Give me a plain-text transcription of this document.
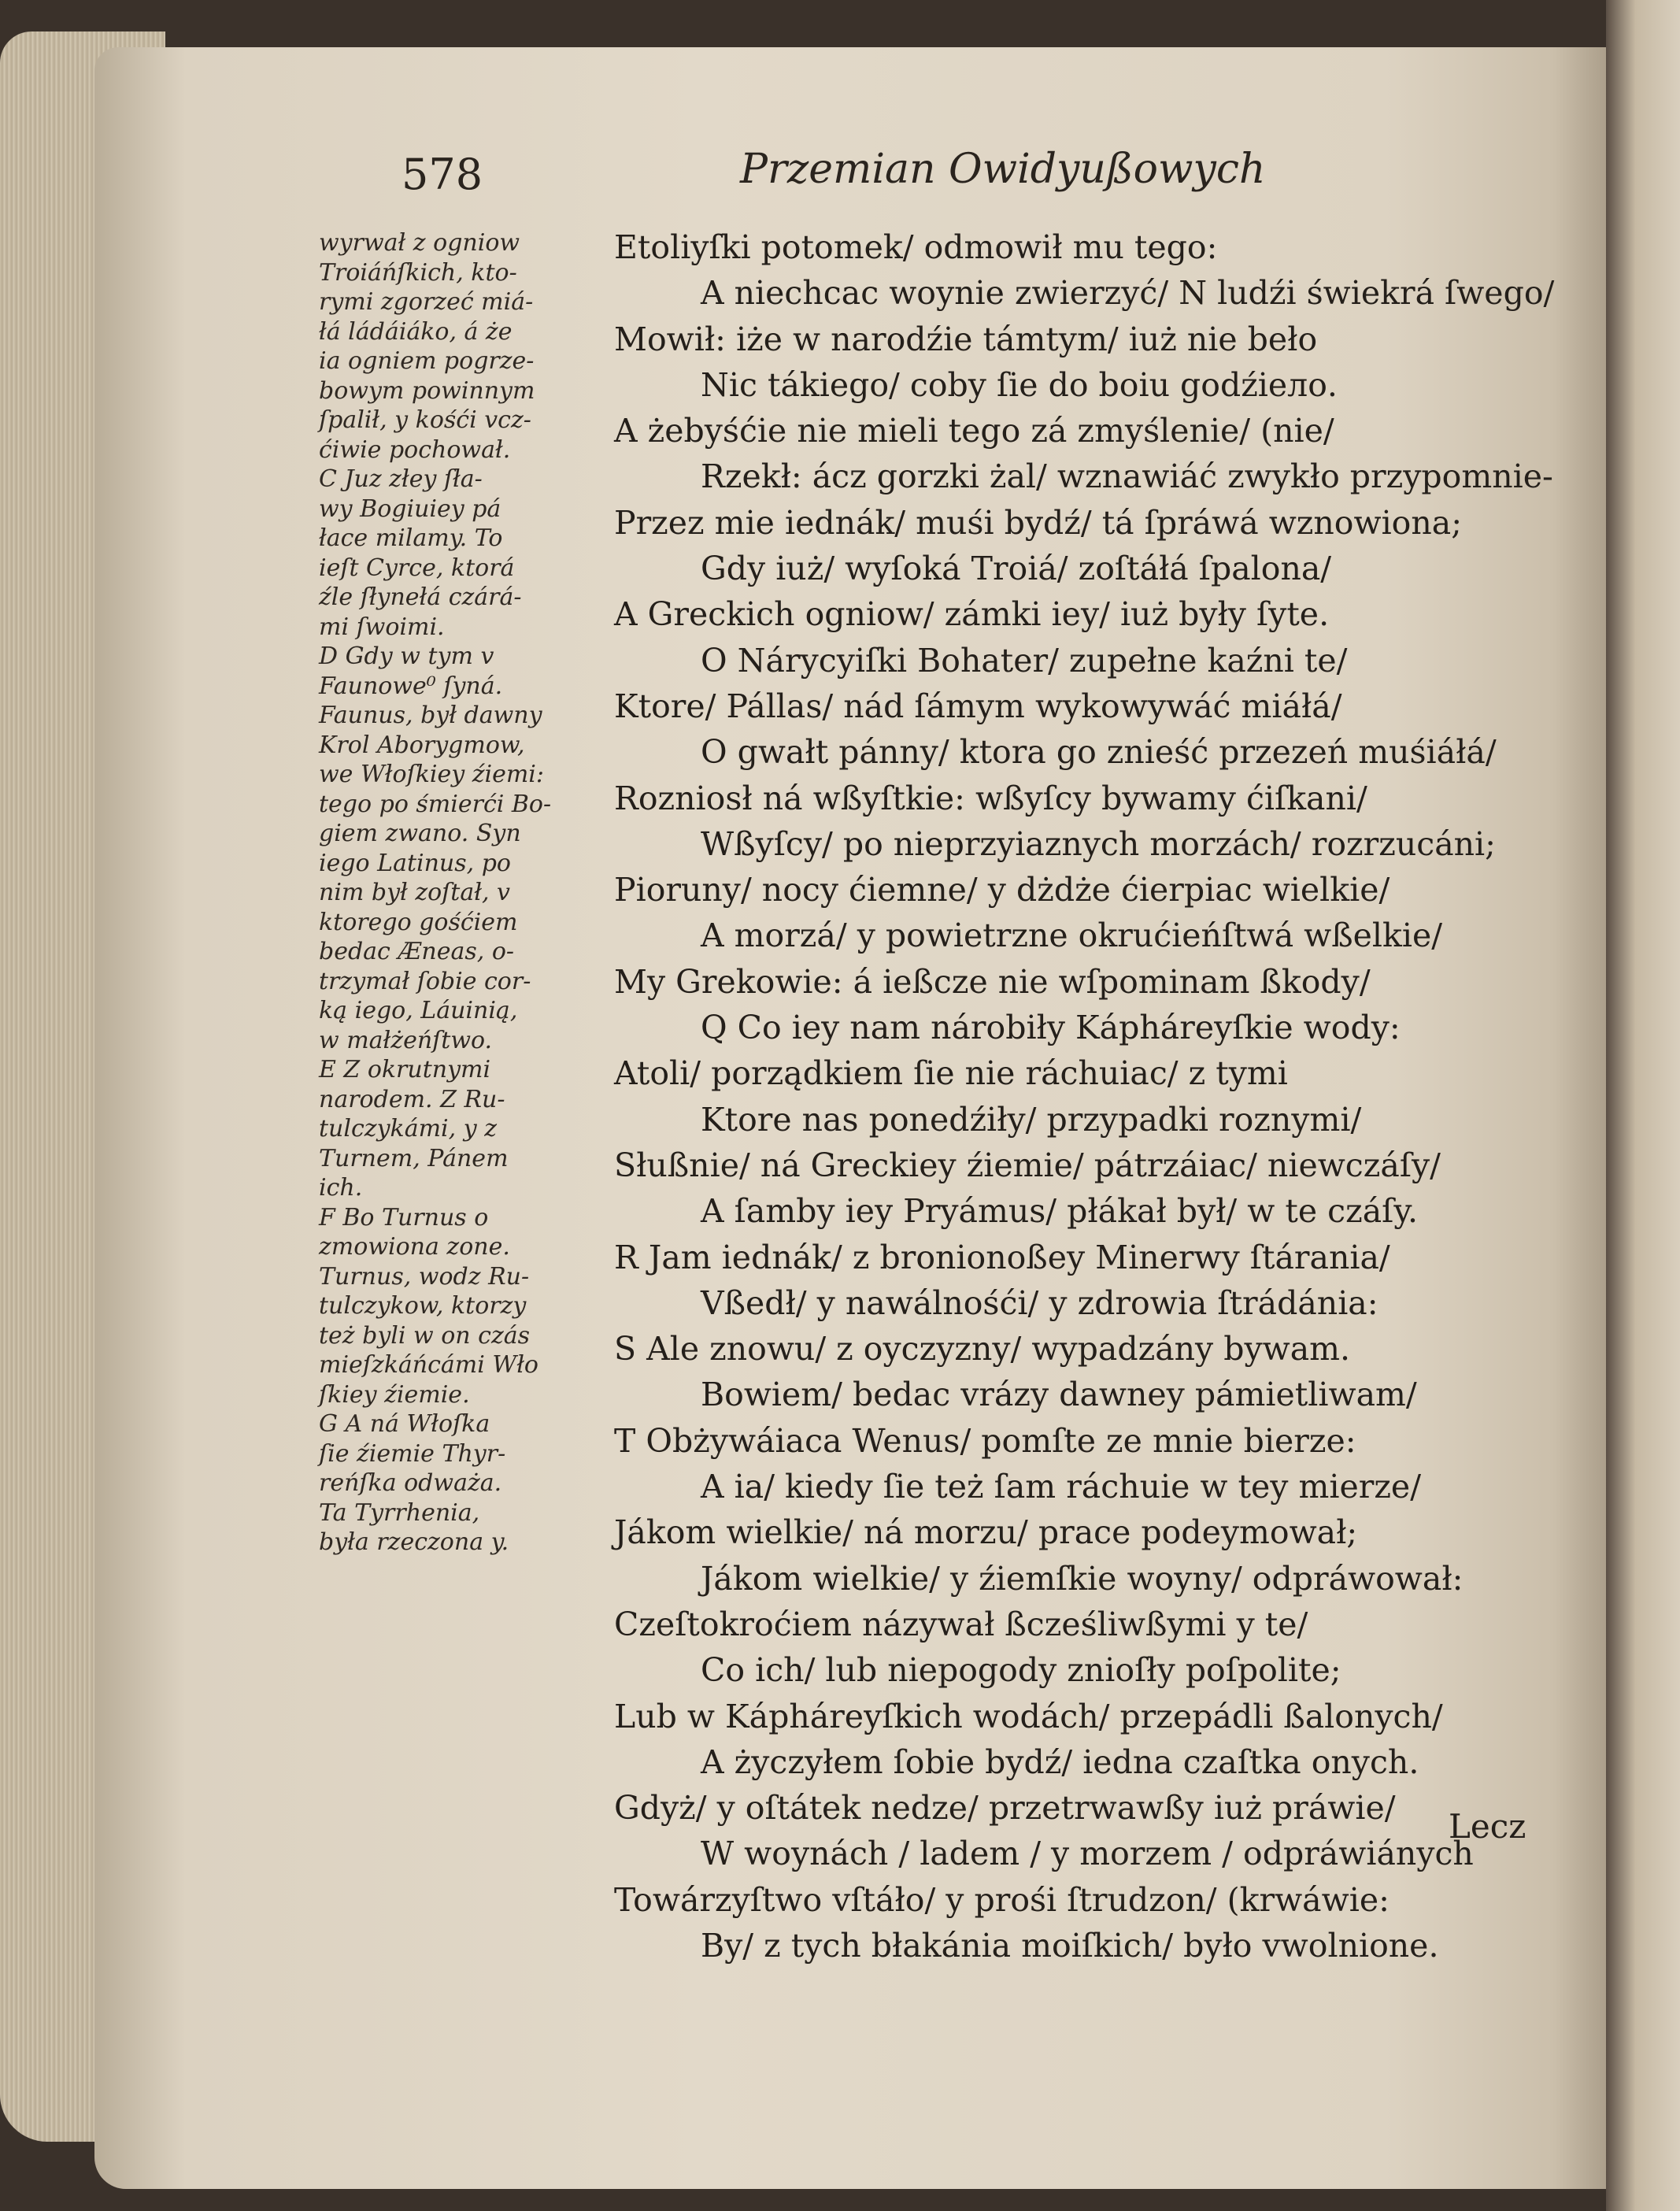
578	Przemian Owidyußowych
wyrwał z ogniow
Troiáńſkich, kto-
rymi zgorzeć miá-
łá ládáiáko, á że
ia ogniem pogrze-
bowym powinnym
ſpalił, y kośći vcz-
ćiwie pochował.
C Juz złey ſła-
wy Bogiuiey pá
łace milamy. To
ieſt Cyrce, ktorá
źle ſłynełá czárá-
mi ſwoimi.
D Gdy w tym v
Faunowe⁰ ſyná.
Faunus, był dawny
Krol Aborygmow,
we Włoſkiey źiemi:
tego po śmierći Bo-
giem zwano. Syn
iego Latinus, po
nim był zoſtał, v
ktorego gośćiem
bedac Æneas, o-
trzymał ſobie cor-
ką iego, Láuinią,
w małżeńſtwo.
E Z okrutnymi
narodem. Z Ru-
tulczykámi, y z
Turnem, Pánem
ich.
F Bo Turnus o
zmowiona zone.
Turnus, wodz Ru-
tulczykow, ktorzy
też byli w on czás
mieſzkáńcámi Wło
ſkiey źiemie.
G A ná Włoſka
ſie źiemie Thyr-
reńſka odważa.
Ta Tyrrhenia,
była rzeczona y.
Etoliyſki potomek/ odmowił mu tego:
A niechcac woynie zwierzyć/ N ludźi świekrá ſwego/
Mowił: iże w narodźie támtym/ iuż nie beło
Nic tákiego/ coby ſie do boiu godźiело.
A żebyśćie nie mieli tego zá zmyślenie/ (nie/
Rzekł: ácz gorzki żal/ wznawiáć zwykło przypomnie-
Przez mie iednák/ muśi bydź/ tá ſpráwá wznowiona;
Gdy iuż/ wyſoká Troiá/ zoſtáłá ſpalona/
A Greckich ogniow/ zámki iey/ iuż były ſyte.
O Nárycyiſki Bohater/ zupełne kaźni te/
Ktore/ Pállas/ nád ſámym wykowywáć miáłá/
O gwałt pánny/ ktora go znieść przezeń muśiáłá/
Rozniosł ná wßyſtkie: wßyſcy bywamy ćiſkani/
Wßyſcy/ po nieprzyiaznych morzách/ rozrzucáni;
Pioruny/ nocy ćiemne/ y dżdże ćierpiac wielkie/
A morzá/ y powietrzne okrućieńſtwá wßelkie/
My Grekowie: á ießcze nie wſpominam ßkody/
Q Co iey nam nárobiły Kápháreyſkie wody:
Atoli/ porządkiem ſie nie ráchuiac/ z tymi
Ktore nas ponedźiły/ przypadki roznymi/
Słußnie/ ná Greckiey źiemie/ pátrzáiac/ niewczáſy/
A ſamby iey Pryámus/ płákał był/ w te czáſy.
R Jam iednák/ z bronionoßey Minerwy ſtárania/
Vßedł/ y nawálnośći/ y zdrowia ſtrádánia:
S Ale znowu/ z oyczyzny/ wypadzány bywam.
Bowiem/ bedac vrázy dawney pámietliwam/
T Obżywáiaca Wenus/ pomſte ze mnie bierze:
A ia/ kiedy ſie też ſam ráchuie w tey mierze/
Jákom wielkie/ ná morzu/ prace podeymował;
Jákom wielkie/ y źiemſkie woyny/ odpráwował:
Czeſtokroćiem názywał ßcześliwßymi y te/
Co ich/ lub niepogody znioſły poſpolite;
Lub w Kápháreyſkich wodách/ przepádli ßalonych/
A życzyłem ſobie bydź/ iedna czaſtka onych.
Gdyż/ y oſtátek nedze/ przetrwawßy iuż práwie/
W woynách / ladem / y morzem / odpráwiánych
Towárzyſtwo vſtáło/ y prośi ſtrudzon/ (krwáwie:
By/ z tych błakánia moiſkich/ było vwolnione.
Lecz
